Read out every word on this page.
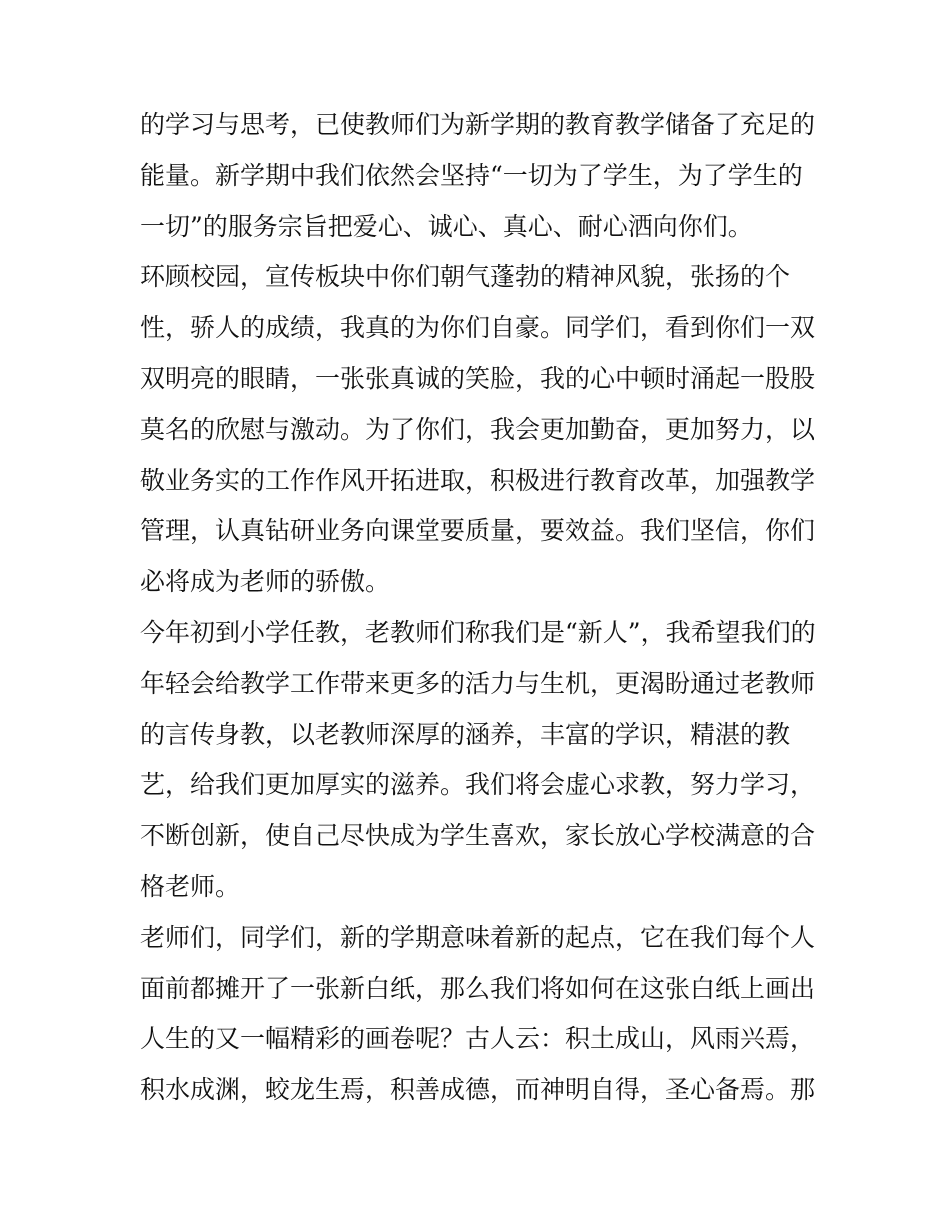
的学习与思考，已使教师们为新学期的教育教学储备了充足的
能量。新学期中我们依然会坚持“一切为了学生，为了学生的
一切”的服务宗旨把爱心、诚心、真心、耐心洒向你们。
环顾校园，宣传板块中你们朝气蓬勃的精神风貌，张扬的个
性，骄人的成绩，我真的为你们自豪。同学们，看到你们一双
双明亮的眼睛，一张张真诚的笑脸，我的心中顿时涌起一股股
莫名的欣慰与激动。为了你们，我会更加勤奋，更加努力，以
敬业务实的工作作风开拓进取，积极进行教育改革，加强教学
管理，认真钻研业务向课堂要质量，要效益。我们坚信，你们
必将成为老师的骄傲。
今年初到小学任教，老教师们称我们是“新人”，我希望我们的
年轻会给教学工作带来更多的活力与生机，更渴盼通过老教师
的言传身教，以老教师深厚的涵养，丰富的学识，精湛的教
艺，给我们更加厚实的滋养。我们将会虚心求教，努力学习，
不断创新，使自己尽快成为学生喜欢，家长放心学校满意的合
格老师。
老师们，同学们，新的学期意味着新的起点，它在我们每个人
面前都摊开了一张新白纸，那么我们将如何在这张白纸上画出
人生的又一幅精彩的画卷呢？古人云：积土成山，风雨兴焉，
积水成渊，蛟龙生焉，积善成德，而神明自得，圣心备焉。那
